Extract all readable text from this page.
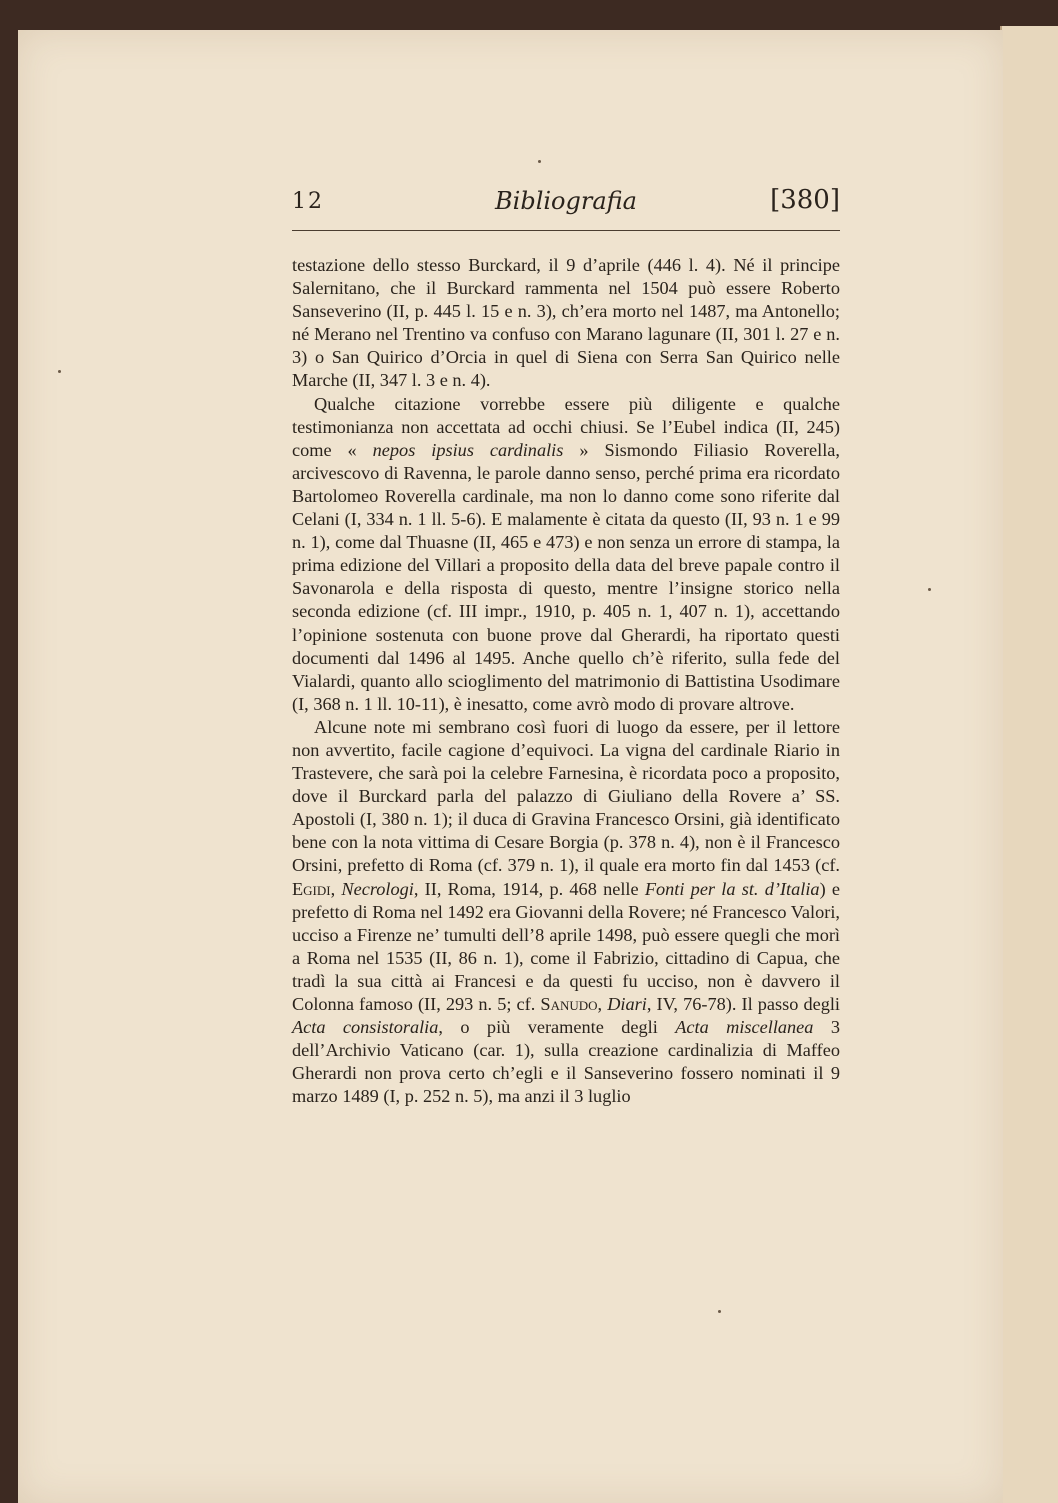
12	Bibliografia	[380]

testazione dello stesso Burckard, il 9 d’aprile (446 l. 4). Né il principe Salernitano, che il Burckard rammenta nel 1504 può essere Roberto Sanseverino (II, p. 445 l. 15 e n. 3), ch’era morto nel 1487, ma Antonello; né Merano nel Trentino va confuso con Marano lagunare (II, 301 l. 27 e n. 3) o San Quirico d’Orcia in quel di Siena con Serra San Quirico nelle Marche (II, 347 l. 3 e n. 4).

Qualche citazione vorrebbe essere più diligente e qualche testimonianza non accettata ad occhi chiusi. Se l’Eubel indica (II, 245) come « nepos ipsius cardinalis » Sismondo Filiasio Roverella, arcivescovo di Ravenna, le parole danno senso, perché prima era ricordato Bartolomeo Roverella cardinale, ma non lo danno come sono riferite dal Celani (I, 334 n. 1 ll. 5-6). E malamente è citata da questo (II, 93 n. 1 e 99 n. 1), come dal Thuasne (II, 465 e 473) e non senza un errore di stampa, la prima edizione del Villari a proposito della data del breve papale contro il Savonarola e della risposta di questo, mentre l’insigne storico nella seconda edizione (cf. III impr., 1910, p. 405 n. 1, 407 n. 1), accettando l’opinione sostenuta con buone prove dal Gherardi, ha riportato questi documenti dal 1496 al 1495. Anche quello ch’è riferito, sulla fede del Vialardi, quanto allo scioglimento del matrimonio di Battistina Usodimare (I, 368 n. 1 ll. 10-11), è inesatto, come avrò modo di provare altrove.

Alcune note mi sembrano così fuori di luogo da essere, per il lettore non avvertito, facile cagione d’equivoci. La vigna del cardinale Riario in Trastevere, che sarà poi la celebre Farnesina, è ricordata poco a proposito, dove il Burckard parla del palazzo di Giuliano della Rovere a’ SS. Apostoli (I, 380 n. 1); il duca di Gravina Francesco Orsini, già identificato bene con la nota vittima di Cesare Borgia (p. 378 n. 4), non è il Francesco Orsini, prefetto di Roma (cf. 379 n. 1), il quale era morto fin dal 1453 (cf. Egidi, Necrologi, II, Roma, 1914, p. 468 nelle Fonti per la st. d’Italia) e prefetto di Roma nel 1492 era Giovanni della Rovere; né Francesco Valori, ucciso a Firenze ne’ tumulti dell’8 aprile 1498, può essere quegli che morì a Roma nel 1535 (II, 86 n. 1), come il Fabrizio, cittadino di Capua, che tradì la sua città ai Francesi e da questi fu ucciso, non è davvero il Colonna famoso (II, 293 n. 5; cf. Sanudo, Diari, IV, 76-78). Il passo degli Acta consistoralia, o più veramente degli Acta miscellanea 3 dell’Archivio Vaticano (car. 1), sulla creazione cardinalizia di Maffeo Gherardi non prova certo ch’egli e il Sanseverino fossero nominati il 9 marzo 1489 (I, p. 252 n. 5), ma anzi il 3 luglio
